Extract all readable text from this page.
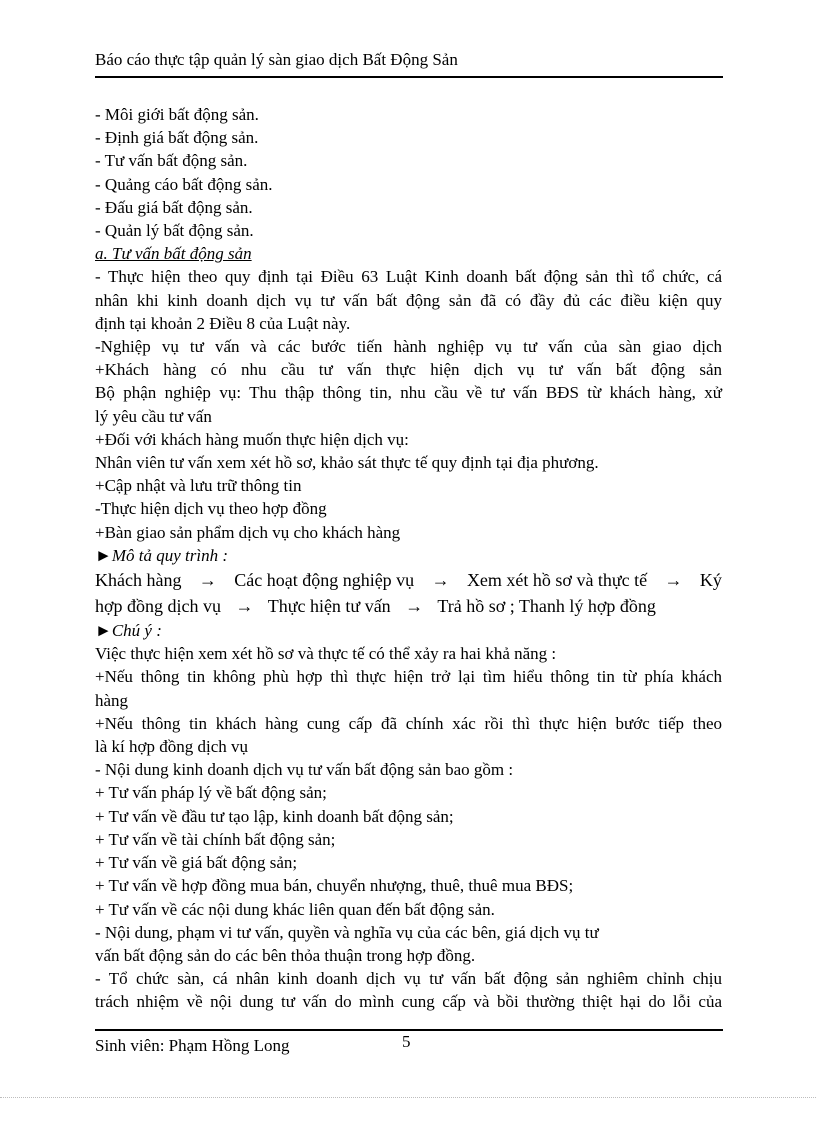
Báo cáo thực tập quản lý sàn giao dịch Bất Động Sản
- Môi giới bất động sản.
- Định giá bất động sản.
- Tư vấn bất động sản.
- Quảng cáo bất động sản.
- Đấu giá bất động sản.
- Quản lý bất động sản.
a. Tư vấn bất động sản
- Thực hiện theo quy định tại Điều 63 Luật Kinh doanh bất động sản thì tổ chức, cá
nhân khi kinh doanh dịch vụ tư vấn bất động sản đã có đầy đủ các điều kiện quy
định tại khoản 2 Điều 8 của Luật này.
-Nghiệp vụ tư vấn và các bước tiến hành nghiệp vụ tư vấn của sàn giao dịch
+Khách hàng có nhu cầu tư vấn thực hiện dịch vụ tư vấn bất động sản
Bộ phận nghiệp vụ: Thu thập thông tin, nhu cầu về tư vấn BĐS từ khách hàng, xử
lý yêu cầu tư vấn
+Đối với khách hàng muốn thực hiện dịch vụ:
Nhân viên tư vấn xem xét hồ sơ, khảo sát thực tế quy định tại địa phương.
+Cập nhật và lưu trữ thông tin
-Thực hiện dịch vụ theo hợp đồng
+Bàn giao sản phẩm dịch vụ cho khách hàng
►Mô tả quy trình :
Khách hàng → Các hoạt động nghiệp vụ → Xem xét hồ sơ và thực tế → Ký
hợp đồng dịch vụ → Thực hiện tư vấn → Trả hồ sơ ; Thanh lý hợp đồng
►Chú ý :
Việc thực hiện xem xét hồ sơ và thực tế có thể xảy ra hai khả năng :
+Nếu thông tin không phù hợp thì thực hiện trở lại tìm hiểu thông tin từ phía khách
hàng
+Nếu thông tin khách hàng cung cấp đã chính xác rồi thì thực hiện bước tiếp theo
là kí hợp đồng dịch vụ
- Nội dung kinh doanh dịch vụ tư vấn bất động sản bao gồm :
+ Tư vấn pháp lý về bất động sản;
+ Tư vấn về đầu tư tạo lập, kinh doanh bất động sản;
+ Tư vấn về tài chính bất động sản;
+ Tư vấn về giá bất động sản;
+ Tư vấn về hợp đồng mua bán, chuyển nhượng, thuê, thuê mua BĐS;
+ Tư vấn về các nội dung khác liên quan đến bất động sản.
- Nội dung, phạm vi tư vấn, quyền và nghĩa vụ của các bên, giá dịch vụ tư
vấn bất động sản do các bên thỏa thuận trong hợp đồng.
- Tổ chức sàn, cá nhân kinh doanh dịch vụ tư vấn bất động sản nghiêm chỉnh chịu
trách nhiệm về nội dung tư vấn do mình cung cấp và bồi thường thiệt hại do lỗi của
Sinh viên: Phạm Hồng Long	5
